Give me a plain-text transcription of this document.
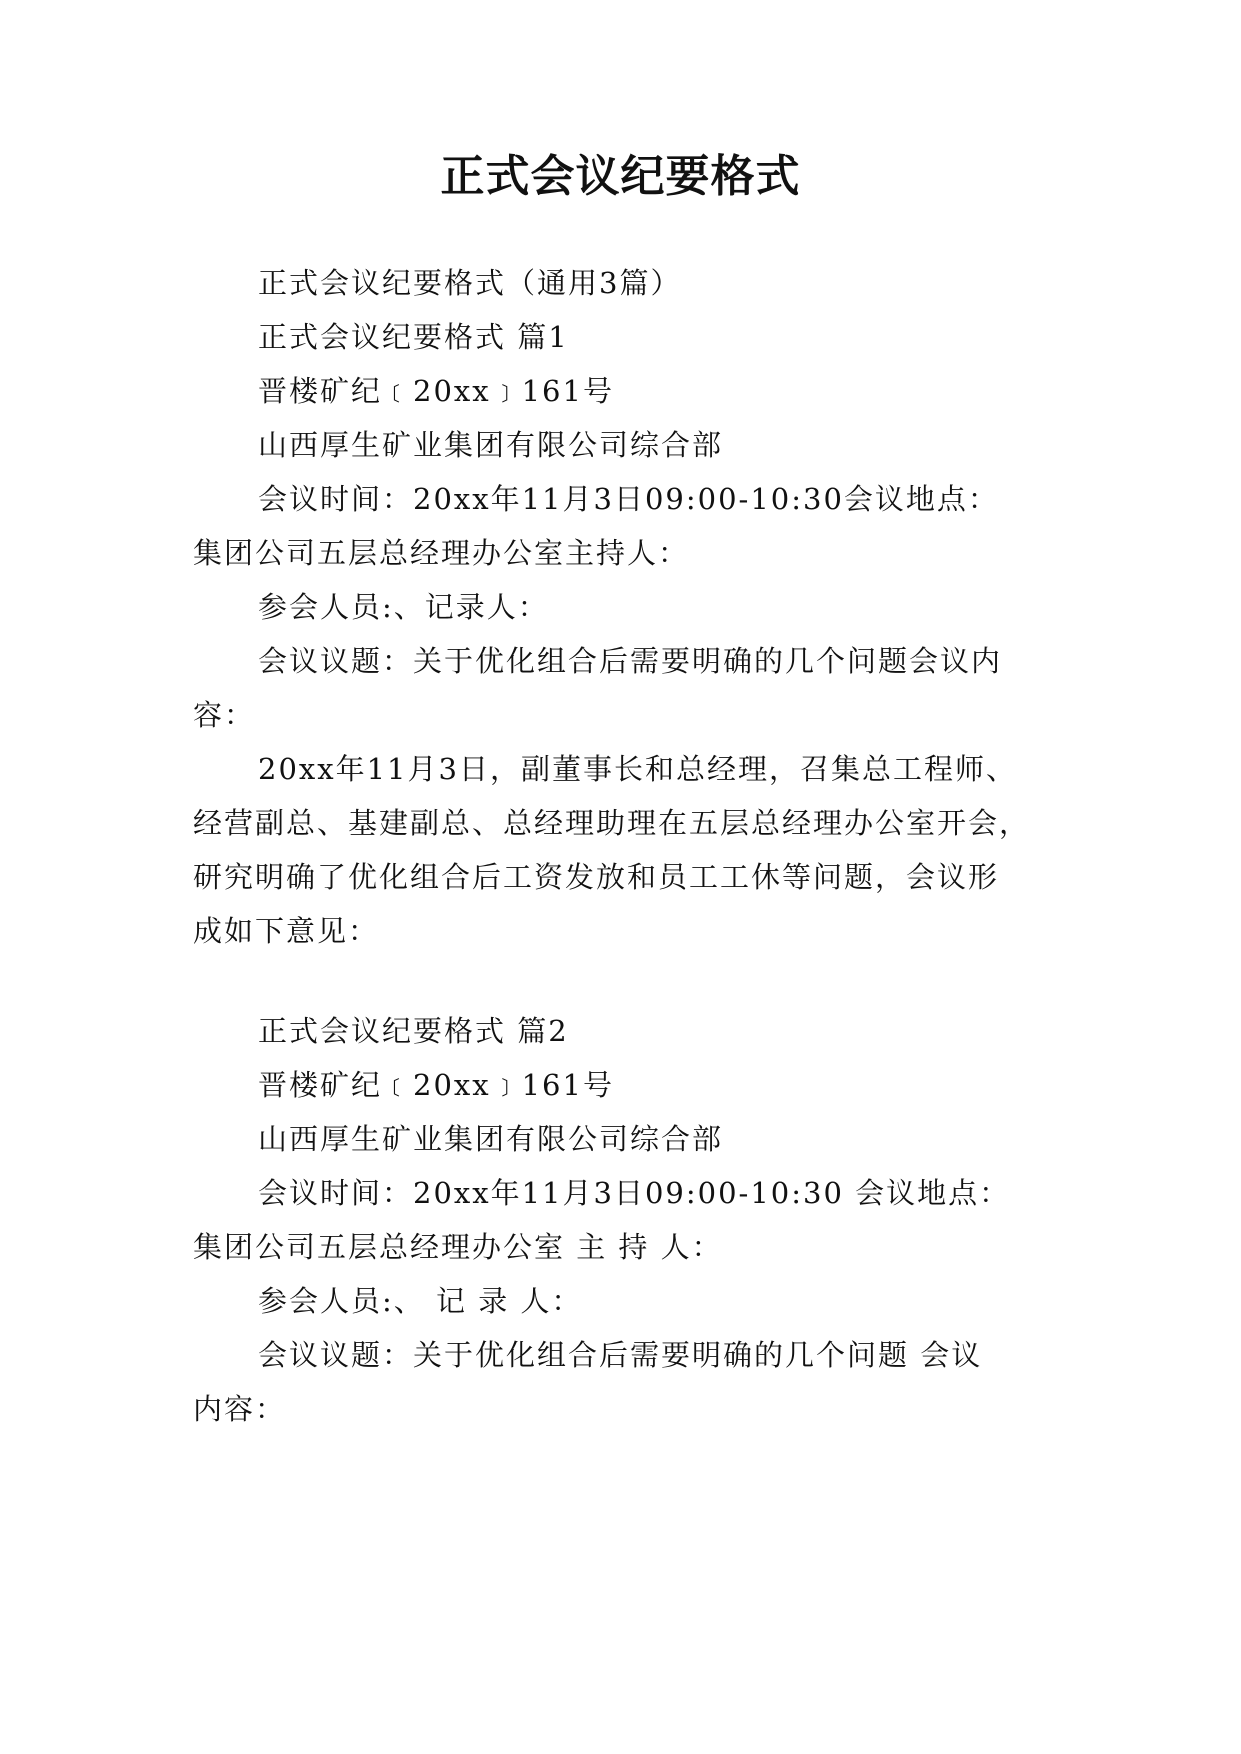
正式会议纪要格式
正式会议纪要格式（通用3篇）
正式会议纪要格式 篇1
晋楼矿纪﹝20xx﹞161号
山西厚生矿业集团有限公司综合部
会议时间：20xx年11月3日09:00-10:30会议地点：
集团公司五层总经理办公室主持人：
参会人员:、记录人：
会议议题：关于优化组合后需要明确的几个问题会议内
容：
20xx年11月3日，副董事长和总经理，召集总工程师、
经营副总、基建副总、总经理助理在五层总经理办公室开会，
研究明确了优化组合后工资发放和员工工休等问题，会议形
成如下意见：
正式会议纪要格式 篇2
晋楼矿纪﹝20xx﹞161号
山西厚生矿业集团有限公司综合部
会议时间：20xx年11月3日09:00-10:30 会议地点：
集团公司五层总经理办公室 主 持 人：
参会人员:、 记 录 人：
会议议题：关于优化组合后需要明确的几个问题 会议
内容：
